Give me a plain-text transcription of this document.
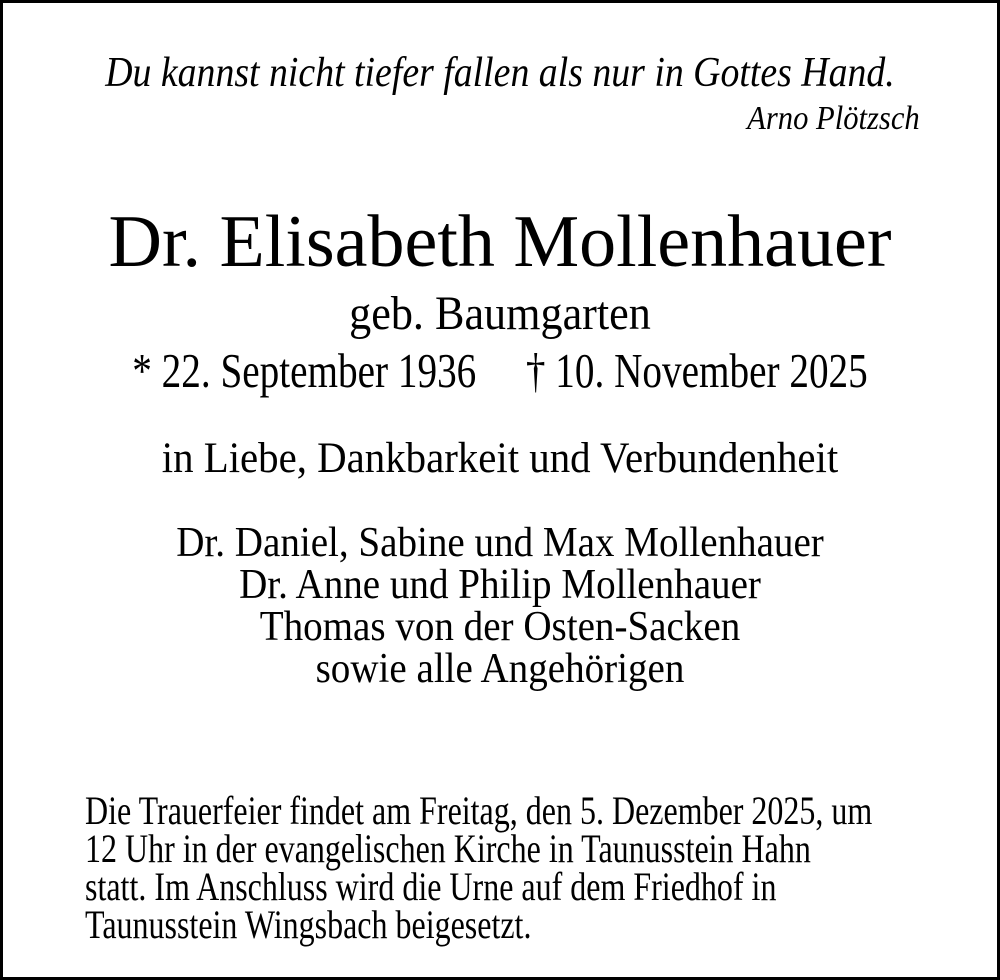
Du kannst nicht tiefer fallen als nur in Gottes Hand.
Arno Plötzsch
Dr. Elisabeth Mollenhauer
geb. Baumgarten
* 22. September 1936 † 10. November 2025
in Liebe, Dankbarkeit und Verbundenheit
Dr. Daniel, Sabine und Max Mollenhauer
Dr. Anne und Philip Mollenhauer
Thomas von der Osten-Sacken
sowie alle Angehörigen
Die Trauerfeier findet am Freitag, den 5. Dezember 2025, um
12 Uhr in der evangelischen Kirche in Taunusstein Hahn
statt. Im Anschluss wird die Urne auf dem Friedhof in
Taunusstein Wingsbach beigesetzt.
